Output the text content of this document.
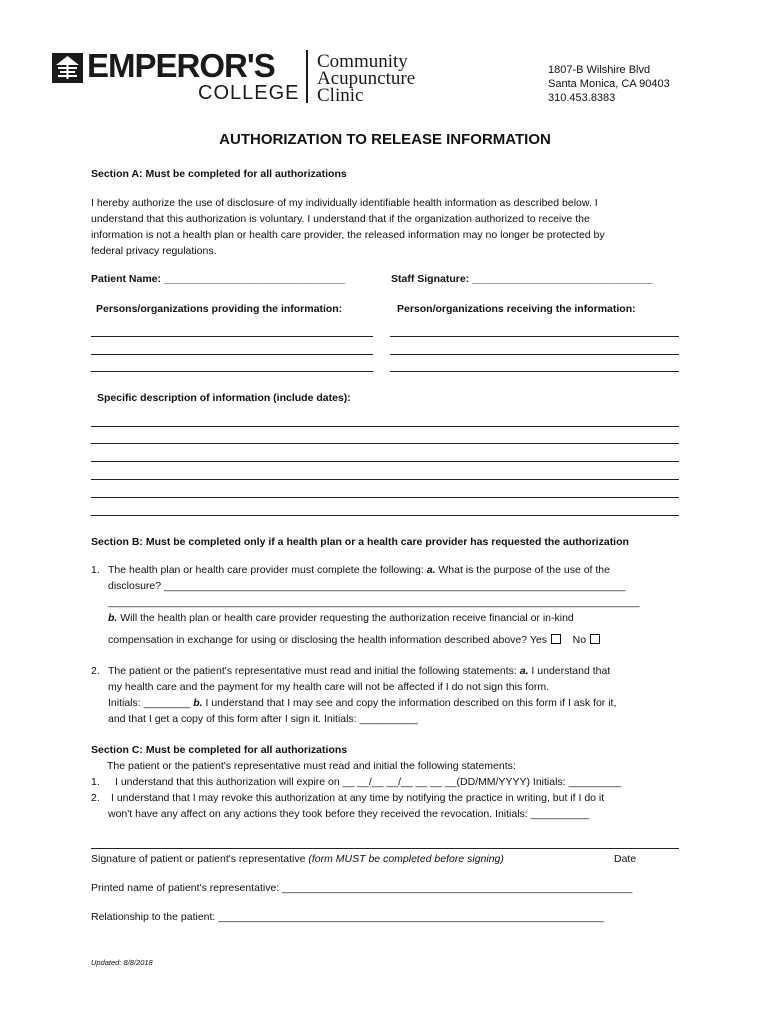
EMPEROR'S
COLLEGE
Community
Acupuncture
Clinic
1807-B Wilshire Blvd
Santa Monica, CA 90403
310.453.8383
AUTHORIZATION TO RELEASE INFORMATION
Section A: Must be completed for all authorizations
I hereby authorize the use of disclosure of my individually identifiable health information as described below. I
understand that this authorization is voluntary. I understand that if the organization authorized to receive the
information is not a health plan or health care provider, the released information may no longer be protected by
federal privacy regulations.
Patient Name: _______________________________	Staff Signature: _______________________________
Persons/organizations providing the information:	Person/organizations receiving the information:
Specific description of information (include dates):
Section B: Must be completed only if a health plan or a health care provider has requested the authorization
1. The health plan or health care provider must complete the following: a. What is the purpose of the use of the
disclosure? _______________________________________________________________________________
___________________________________________________________________________________________
b. Will the health plan or health care provider requesting the authorization receive financial or in-kind
compensation in exchange for using or disclosing the health information described above? Yes No
2. The patient or the patient's representative must read and initial the following statements: a. I understand that
my health care and the payment for my health care will not be affected if I do not sign this form.
Initials: ________ b. I understand that I may see and copy the information described on this form if I ask for it,
and that I get a copy of this form after I sign it. Initials: __________
Section C: Must be completed for all authorizations
The patient or the patient's representative must read and initial the following statements:
1. I understand that this authorization will expire on __ __/__ __/__ __ __ __(DD/MM/YYYY) Initials: _________
2. I understand that I may revoke this authorization at any time by notifying the practice in writing, but if I do it
won't have any affect on any actions they took before they received the revocation. Initials: __________
Signature of patient or patient's representative (form MUST be completed before signing)	Date
Printed name of patient's representative: ____________________________________________________________
Relationship to the patient: __________________________________________________________________
Updated: 8/8/2018
